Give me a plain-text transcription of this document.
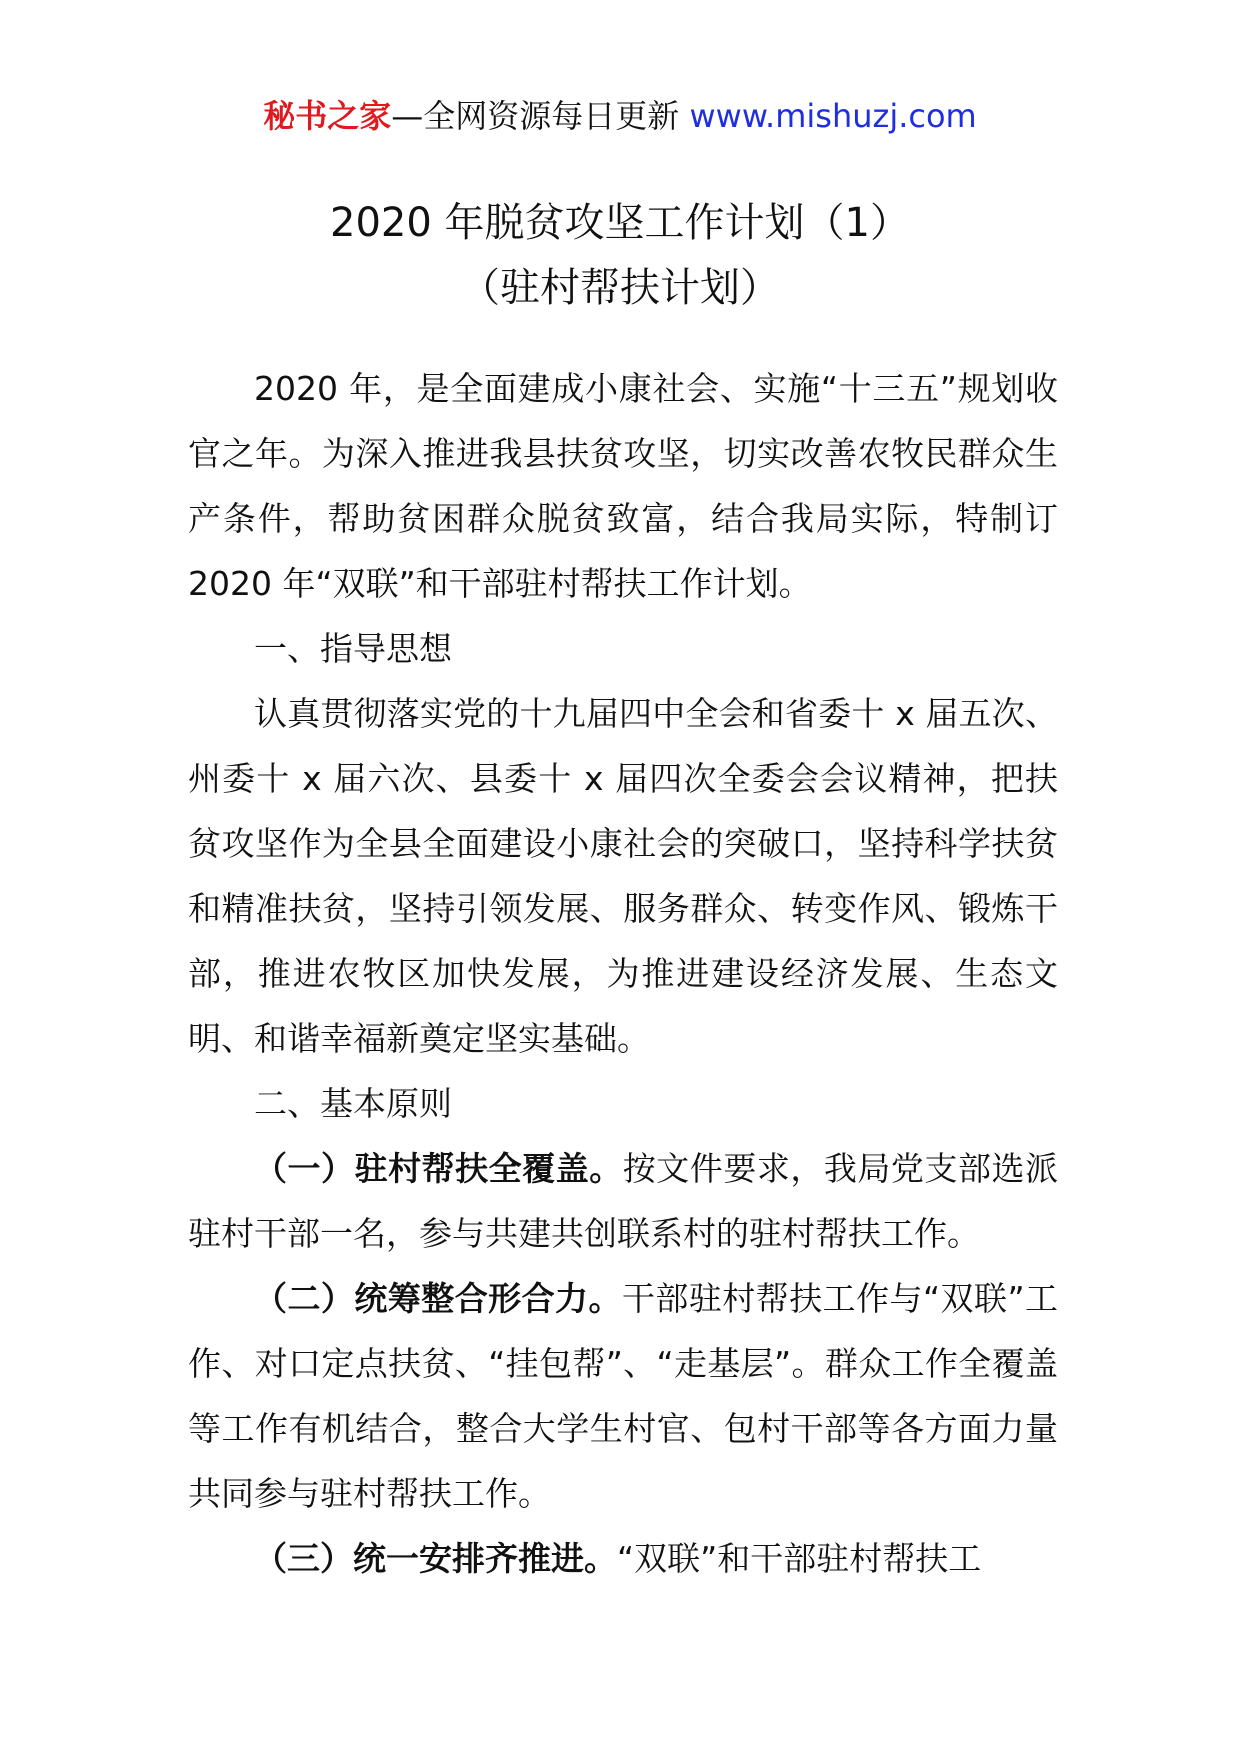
秘书之家—全网资源每日更新 www.mishuzj.com
2020 年脱贫攻坚工作计划（1）
（驻村帮扶计划）

2020 年，是全面建成小康社会、实施“十三五”规划收官之年。为深入推进我县扶贫攻坚，切实改善农牧民群众生产条件，帮助贫困群众脱贫致富，结合我局实际，特制订 2020 年“双联”和干部驻村帮扶工作计划。

一、指导思想

认真贯彻落实党的十九届四中全会和省委十 x 届五次、州委十 x 届六次、县委十 x 届四次全委会会议精神，把扶贫攻坚作为全县全面建设小康社会的突破口，坚持科学扶贫和精准扶贫，坚持引领发展、服务群众、转变作风、锻炼干部，推进农牧区加快发展，为推进建设经济发展、生态文明、和谐幸福新奠定坚实基础。

二、基本原则

（一）驻村帮扶全覆盖。按文件要求，我局党支部选派驻村干部一名，参与共建共创联系村的驻村帮扶工作。

（二）统筹整合形合力。干部驻村帮扶工作与“双联”工作、对口定点扶贫、“挂包帮”、“走基层”。群众工作全覆盖等工作有机结合，整合大学生村官、包村干部等各方面力量共同参与驻村帮扶工作。

（三）统一安排齐推进。“双联”和干部驻村帮扶工
